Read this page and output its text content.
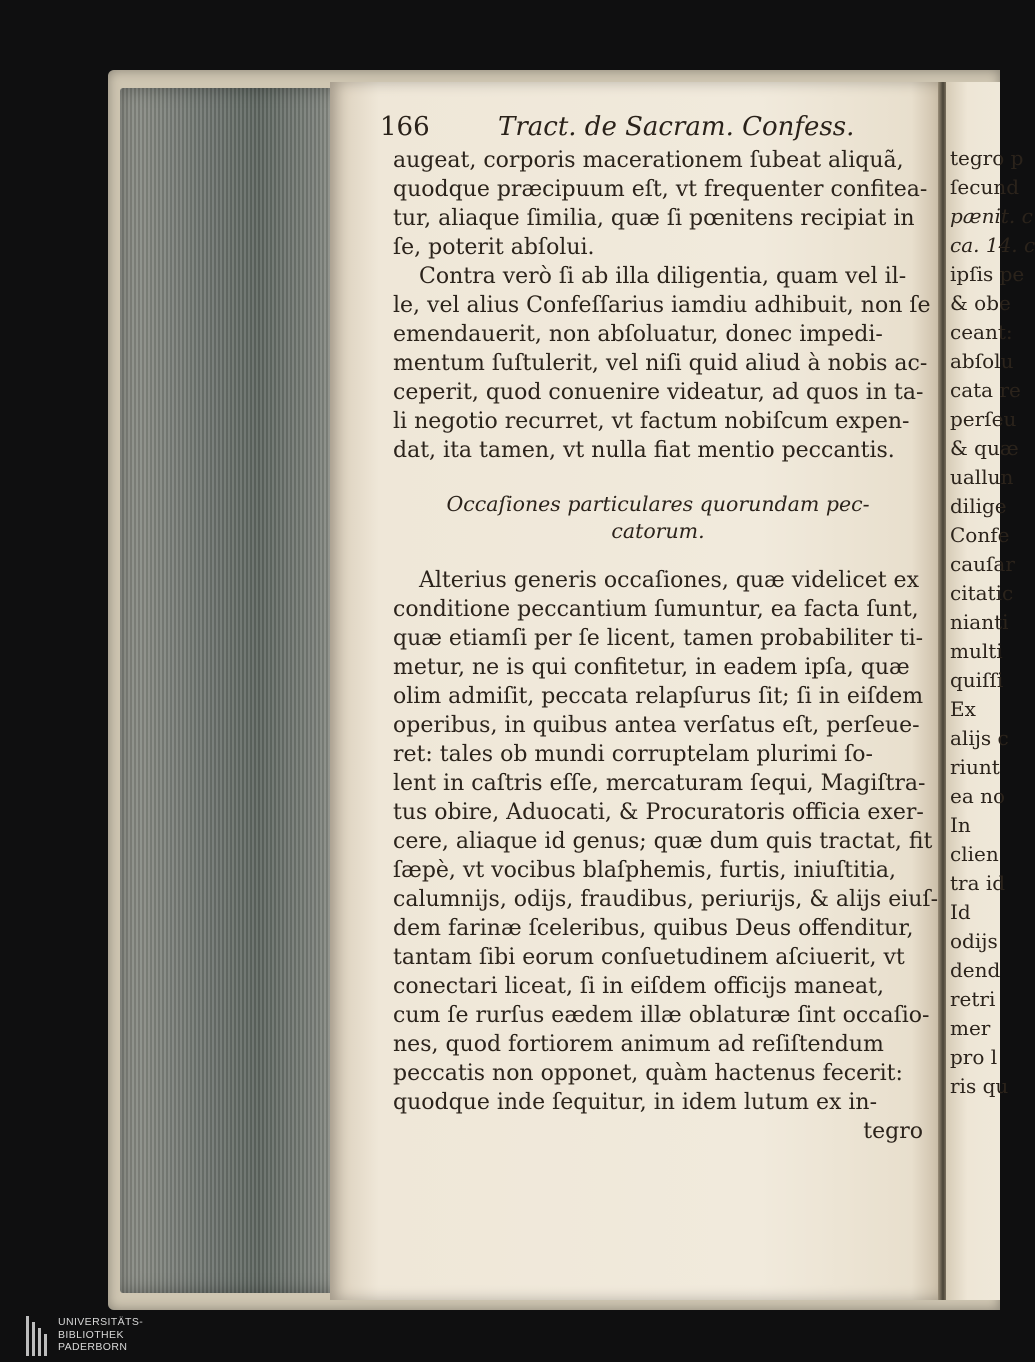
tegro p
ſecund
pænit. c
ca. 14. c
ipſis pe
& obe
ceant:
abſolu
cata re
perſeu
& quæ
uallun
dilige
Confe
cauſar
citatic
nianti
multi
quiſſi
Ex
alijs c
riunt
ea no
In
clien
tra id
Id
odijs
dend
retri
mer
pro l
ris qu
166	Tract. de Sacram. Confess.
augeat, corporis macerationem ſubeat aliquã,
quodque præcipuum eſt, vt frequenter confitea-
tur, aliaque ſimilia, quæ ſi pœnitens recipiat in
ſe, poterit abſolui.
Contra verò ſi ab illa diligentia, quam vel il-
le, vel alius Confeſſarius iamdiu adhibuit, non ſe
emendauerit, non abſoluatur, donec impedi-
mentum ſuſtulerit, vel niſi quid aliud à nobis ac-
ceperit, quod conuenire videatur, ad quos in ta-
li negotio recurret, vt factum nobiſcum expen-
dat, ita tamen, vt nulla fiat mentio peccantis.
Occaſiones particulares quorundam pec-
catorum.
Alterius generis occaſiones, quæ videlicet ex
conditione peccantium ſumuntur, ea facta ſunt,
quæ etiamſi per ſe licent, tamen probabiliter ti-
metur, ne is qui confitetur, in eadem ipſa, quæ
olim admiſit, peccata relapſurus ſit; ſi in eiſdem
operibus, in quibus antea verſatus eſt, perſeue-
ret: tales ob mundi corruptelam plurimi ſo-
lent in caſtris eſſe, mercaturam ſequi, Magiſtra-
tus obire, Aduocati, & Procuratoris officia exer-
cere, aliaque id genus; quæ dum quis tractat, fit
ſæpè, vt vocibus blaſphemis, furtis, iniuſtitia,
calumnijs, odijs, fraudibus, periurijs, & alijs eiuſ-
dem farinæ ſceleribus, quibus Deus offenditur,
tantam ſibi eorum conſuetudinem aſciuerit, vt
conectari liceat, ſi in eiſdem officijs maneat,
cum ſe rurſus eædem illæ oblaturæ ſint occaſio-
nes, quod fortiorem animum ad reſiſtendum
peccatis non opponet, quàm hactenus fecerit:
quodque inde ſequitur, in idem lutum ex in-
tegro
UNIVERSITÄTS-
BIBLIOTHEK
PADERBORN
